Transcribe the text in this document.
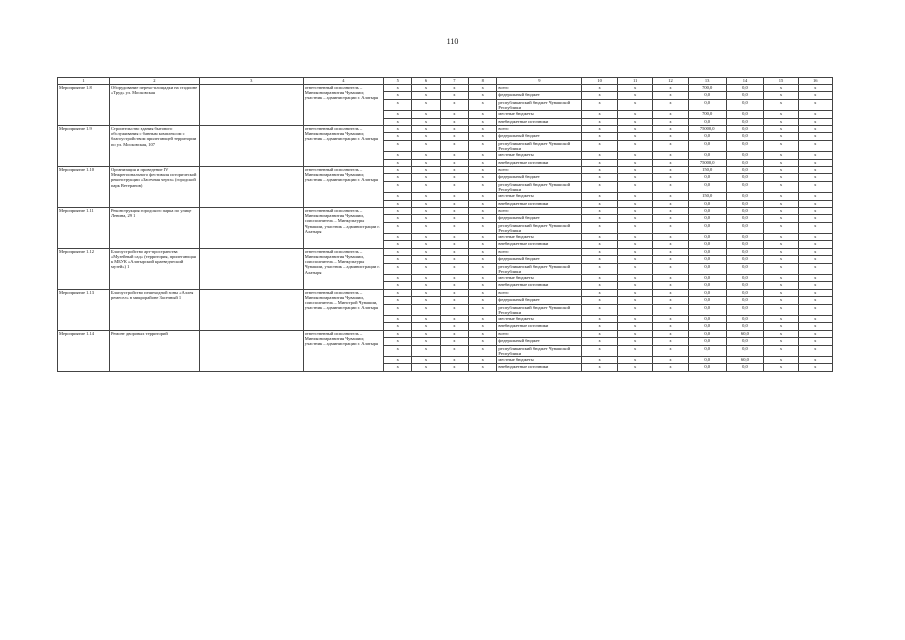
110
1	2	3	4	5	6	7	8	9	10	11	12	13	14	15	16
Мероприятие 1.8	Оборудование перехо-площадки на стадионе «Труд» ул. Московская		ответственный исполнитель – Минэкономразвития Чувашии; участник – администрации г. Алатыря	x	x	x	x	всего	x	x	x	700,0	0,0	x	x
				x	x	x	x	федеральный бюджет	x	x	x	0,0	0,0	x	x
				x	x	x	x	республиканский бюджет Чувашской Республики	x	x	x	0,0	0,0	x	x
				x	x	x	x	местные бюджеты	x	x	x	700,0	0,0	x	x
				x	x	x	x	внебюджетные источники	x	x	x	0,0	0,0	x	x
Мероприятие 1.9	Строительство здания бытового обслуживания с банным комплексом с благоустройством прилегающей территории по ул. Московская, 107		ответственный исполнитель – Минэкономразвития Чувашии; участник – администрации г. Алатыря	x	x	x	x	всего	x	x	x	75000,0	0,0	x	x
				x	x	x	x	федеральный бюджет	x	x	x	0,0	0,0	x	x
				x	x	x	x	республиканский бюджет Чувашской Республики	x	x	x	0,0	0,0	x	x
				x	x	x	x	местные бюджеты	x	x	x	0,0	0,0	x	x
				x	x	x	x	внебюджетные источники	x	x	x	75000,0	0,0	x	x
Мероприятие 1.10	Организация и проведение IV Межрегионального фестиваля исторической реконструкции «Засечная черта» (городской парк Ветеранов)		ответственный исполнитель – Минэкономразвития Чувашии; участник – администрации г. Алатыря	x	x	x	x	всего	x	x	x	150,0	0,0	x	x
				x	x	x	x	федеральный бюджет	x	x	x	0,0	0,0	x	x
				x	x	x	x	республиканский бюджет Чувашской Республики	x	x	x	0,0	0,0	x	x
				x	x	x	x	местные бюджеты	x	x	x	150,0	0,0	x	x
				x	x	x	x	внебюджетные источники	x	x	x	0,0	0,0	x	x
Мероприятие 1.11	Реконструкция городского парка по улице Ленина, 29 1		ответственный исполнитель – Минэкономразвития Чувашии, соисполнитель – Минкультуры Чувашии, участник – администрации г. Алатыря	x	x	x	x	всего	x	x	x	0,0	0,0	x	x
				x	x	x	x	федеральный бюджет	x	x	x	0,0	0,0	x	x
				x	x	x	x	республиканский бюджет Чувашской Республики	x	x	x	0,0	0,0	x	x
				x	x	x	x	местные бюджеты	x	x	x	0,0	0,0	x	x
				x	x	x	x	внебюджетные источники	x	x	x	0,0	0,0	x	x
Мероприятие 1.12	Благоустройство арт-пространства «Музейный сад» (территория, прилегающая к МБУК «Алатырский краеведческий музей») 1		ответственный исполнитель – Минэкономразвития Чувашии, соисполнитель – Минкультуры Чувашии, участник – администрации г. Алатыря	x	x	x	x	всего	x	x	x	0,0	0,0	x	x
				x	x	x	x	федеральный бюджет	x	x	x	0,0	0,0	x	x
				x	x	x	x	республиканский бюджет Чувашской Республики	x	x	x	0,0	0,0	x	x
				x	x	x	x	местные бюджеты	x	x	x	0,0	0,0	x	x
				x	x	x	x	внебюджетные источники	x	x	x	0,0	0,0	x	x
Мероприятие 1.13	Благоустройство пешеходной зоны «Аллея ремесел» в микрорайоне Засечный 1		ответственный исполнитель – Минэкономразвития Чувашии, соисполнитель – Минстрой Чувашии, участник – администрации г. Алатыря	x	x	x	x	всего	x	x	x	0,0	0,0	x	x
				x	x	x	x	федеральный бюджет	x	x	x	0,0	0,0	x	x
				x	x	x	x	республиканский бюджет Чувашской Республики	x	x	x	0,0	0,0	x	x
				x	x	x	x	местные бюджеты	x	x	x	0,0	0,0	x	x
				x	x	x	x	внебюджетные источники	x	x	x	0,0	0,0	x	x
Мероприятие 1.14	Ремонт дворовых территорий		ответственный исполнитель – Минэкономразвития Чувашии; участник – администрации г. Алатыря	x	x	x	x	всего	x	x	x	0,0	60,0	x	x
				x	x	x	x	федеральный бюджет	x	x	x	0,0	0,0	x	x
				x	x	x	x	республиканский бюджет Чувашской Республики	x	x	x	0,0	0,0	x	x
				x	x	x	x	местные бюджеты	x	x	x	0,0	60,0	x	x
				x	x	x	x	внебюджетные источники	x	x	x	0,0	0,0	x	x
